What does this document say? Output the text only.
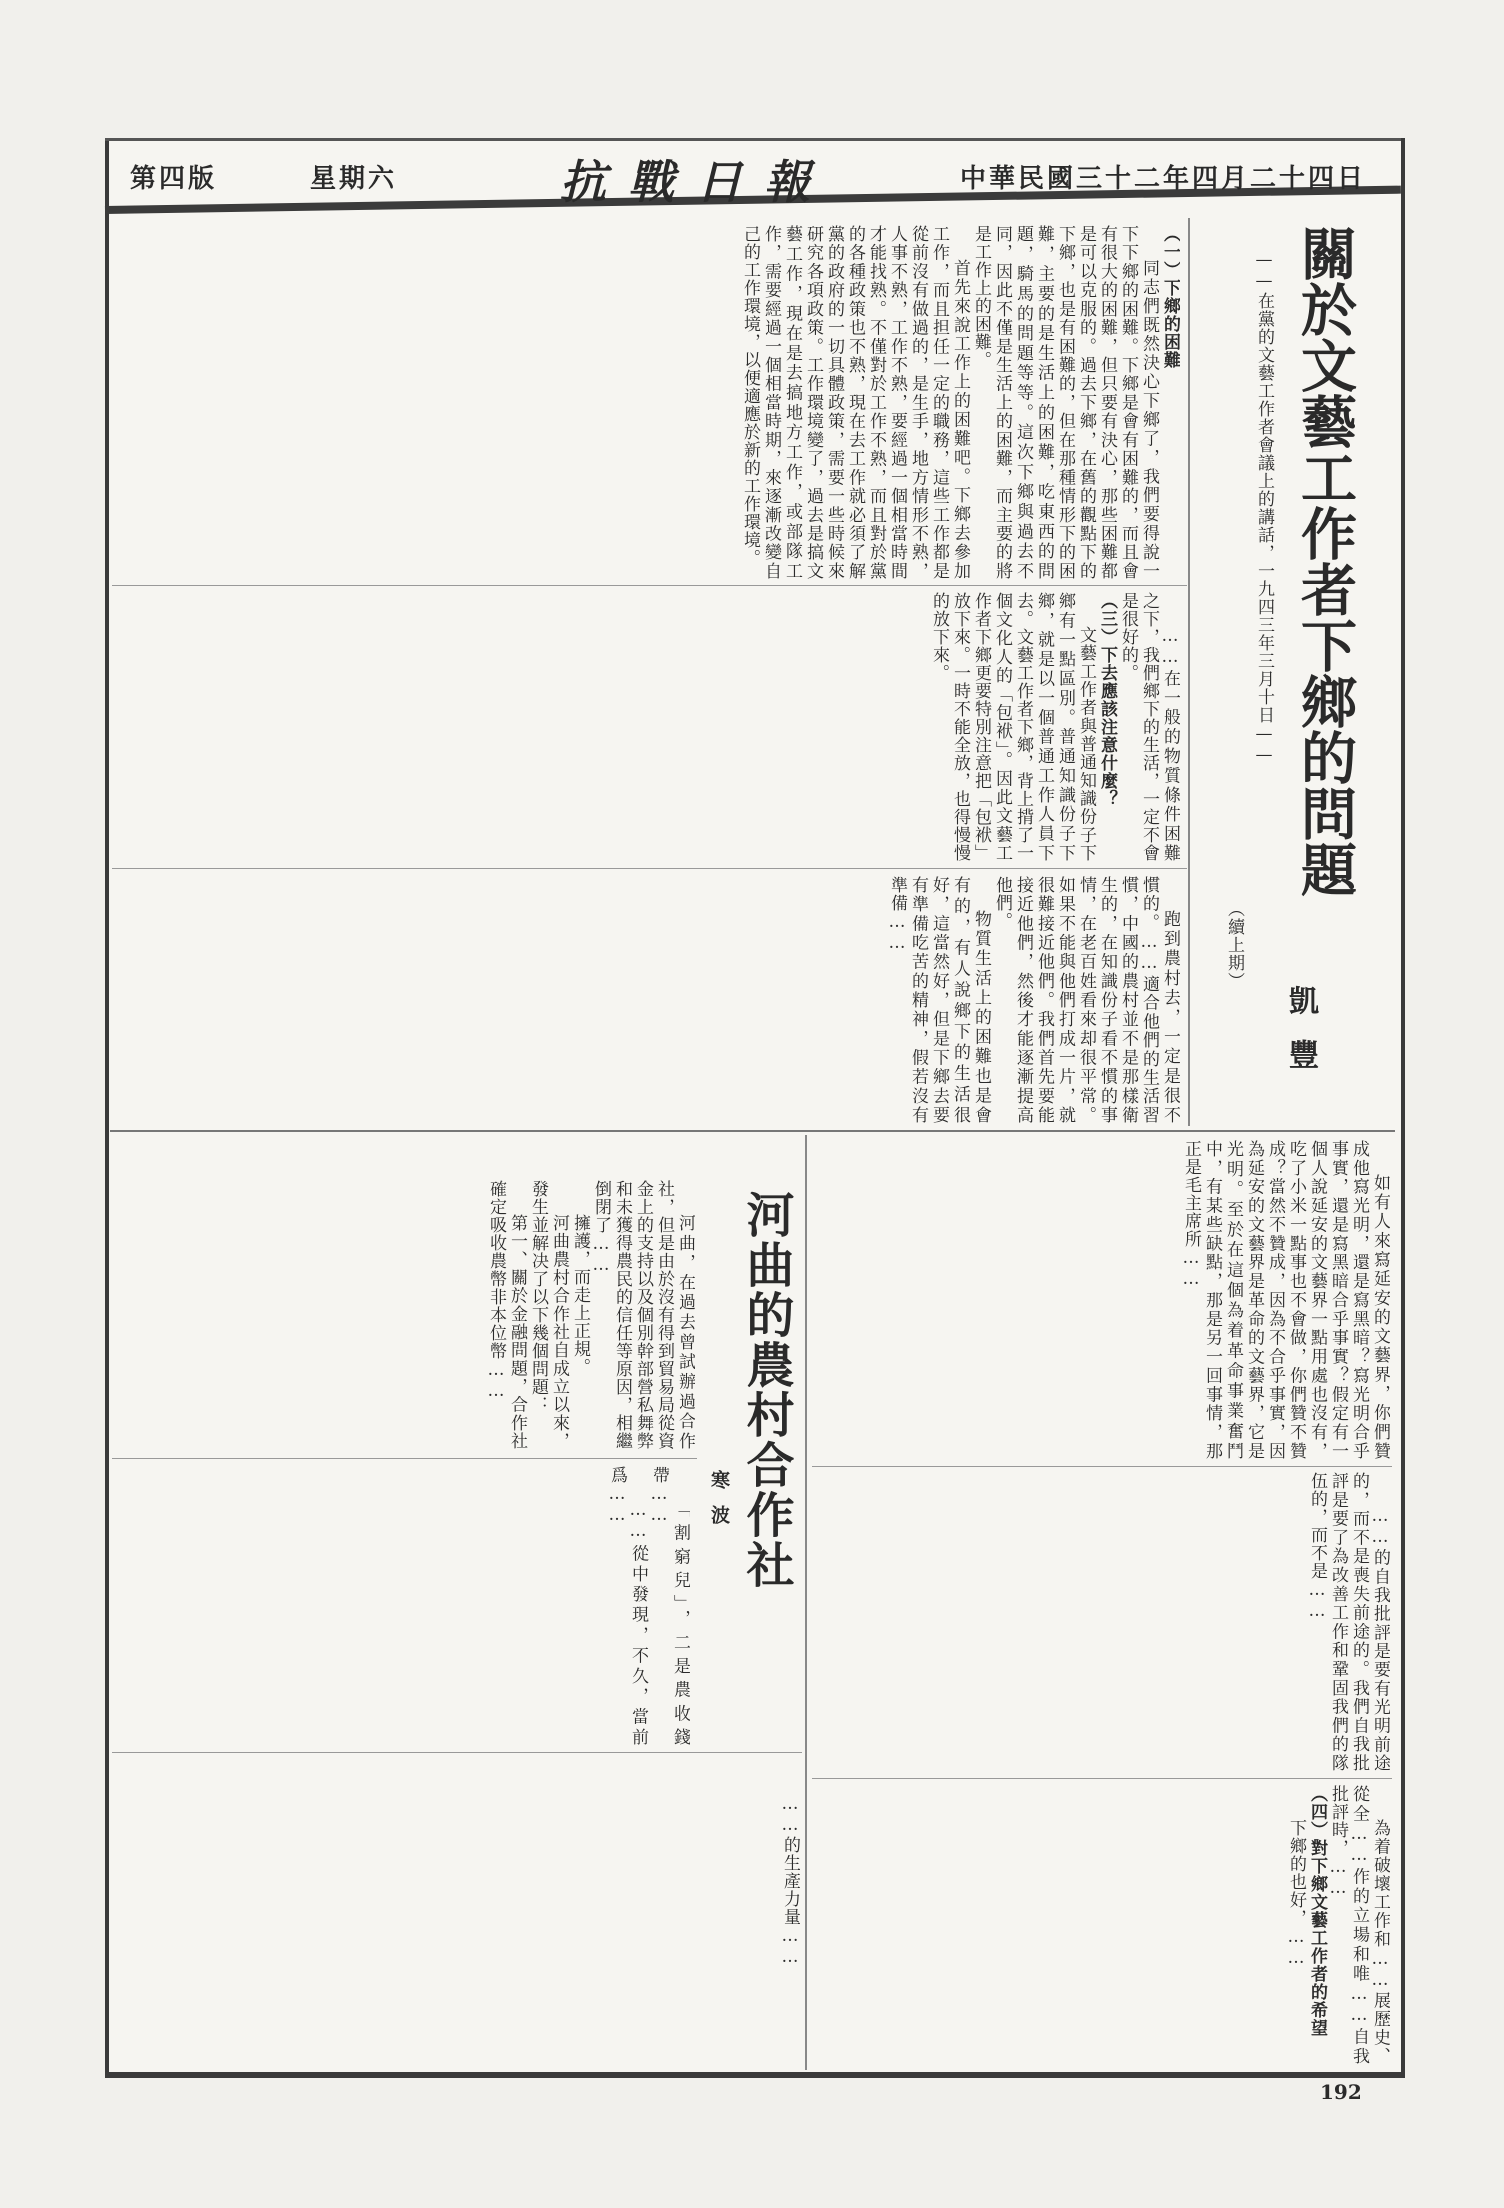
中華民國三十二年四月二十四日
抗戰日報
星期六
第四版
關於文藝工作者下鄉的問題
——在黨的文藝工作者會議上的講話，一九四三年三月十日——
（續上期）
凱豐

（一）下鄉的困難

同志們既然決心下鄉了，我們要得說一下下鄉的困難。下鄉是會有困難的，而且會有很大的困難，但只要有決心，那些困難都是可以克服的。過去下鄉，在舊的觀點下的下鄉，也是有困難的，但在那種情形下的困難，主要的是生活上的困難，吃東西的問題，騎馬的問題等等。這次下鄉與過去不同，因此不僅是生活上的困難，而主要的將是工作上的困難。

首先來說工作上的困難吧。下鄉去參加工作，而且担任一定的職務，這些工作都是從前沒有做過的，是生手，地方情形不熟，人事不熟，工作不熟，要經過一個相當時間才能找熟。不僅對於工作不熟，而且對於黨的各種政策也不熟，現在去工作就必須了解黨的政府的一切具體政策，需要一些時候來研究各項政策。工作環境變了，過去是搞文藝工作，現在是去搞地方工作，或部隊工作，需要經過一個相當時期，來逐漸改變自己的工作環境，以便適應於新的工作環境。

……在一般的物質條件困難之下，我們鄉下的生活，一定不會是很好的。

（三）下去應該注意什麼？

文藝工作者與普通知識份子下鄉有一點區別。普通知識份子下鄉，就是以一個普通工作人員下去。文藝工作者下鄉，背上揹了一個文化人的「包袱」。因此文藝工作者下鄉更要特別注意把「包袱」放下來。一時不能全放，也得慢慢的放下來。

跑到農村去，一定是很不慣的。……適合他們的生活習慣，中國的農村並不是那樣衛生的，在知識份子看不慣的事情，在老百姓看來却很平常。如果不能與他們打成一片，就很難接近他們。我們首先要能接近他們，然後才能逐漸提高他們。

物質生活上的困難也是會有的，有人說鄉下的生活很好，這當然好，但是下鄉去要有準備吃苦的精神，假若沒有準備……

如有人來寫延安的文藝界，你們贊成他寫光明，還是寫黑暗？寫光明合乎事實，還是寫黑暗合乎事實？假定有一個人說延安的文藝界一點用處也沒有，吃了小米一點事也不會做，你們贊不贊成？當然不贊成，因為不合乎事實，因為延安的文藝界是革命的文藝界，它是光明。至於在這個為着革命事業奮鬥中，有某些缺點，那是另一回事情，那正是毛主席所……

……的自我批評是要有光明前途的，而不是喪失前途的。我們自我批評是要了為改善工作和鞏固我們的隊伍的，而不是……

為着破壞工作和……展歷史、從全……作的立場和唯……自我批評時，……

（四）對下鄉文藝工作者的希望

下鄉的也好，……

河曲的農村合作社
寒波

河曲，在過去曾試辦過合作社，但是由於沒有得到貿易局從資金上的支持以及個別幹部營私舞弊和未獲得農民的信任等原因，相繼倒閉了……

擁護，而走上正規。

河曲農村合作社自成立以來，發生並解决了以下幾個問題：

第一、關於金融問題，合作社確定吸收農幣非本位幣……

「割窮兒」，二是農收錢帶……

……從中發現，不久，當前爲……

……的生產力量……

192
